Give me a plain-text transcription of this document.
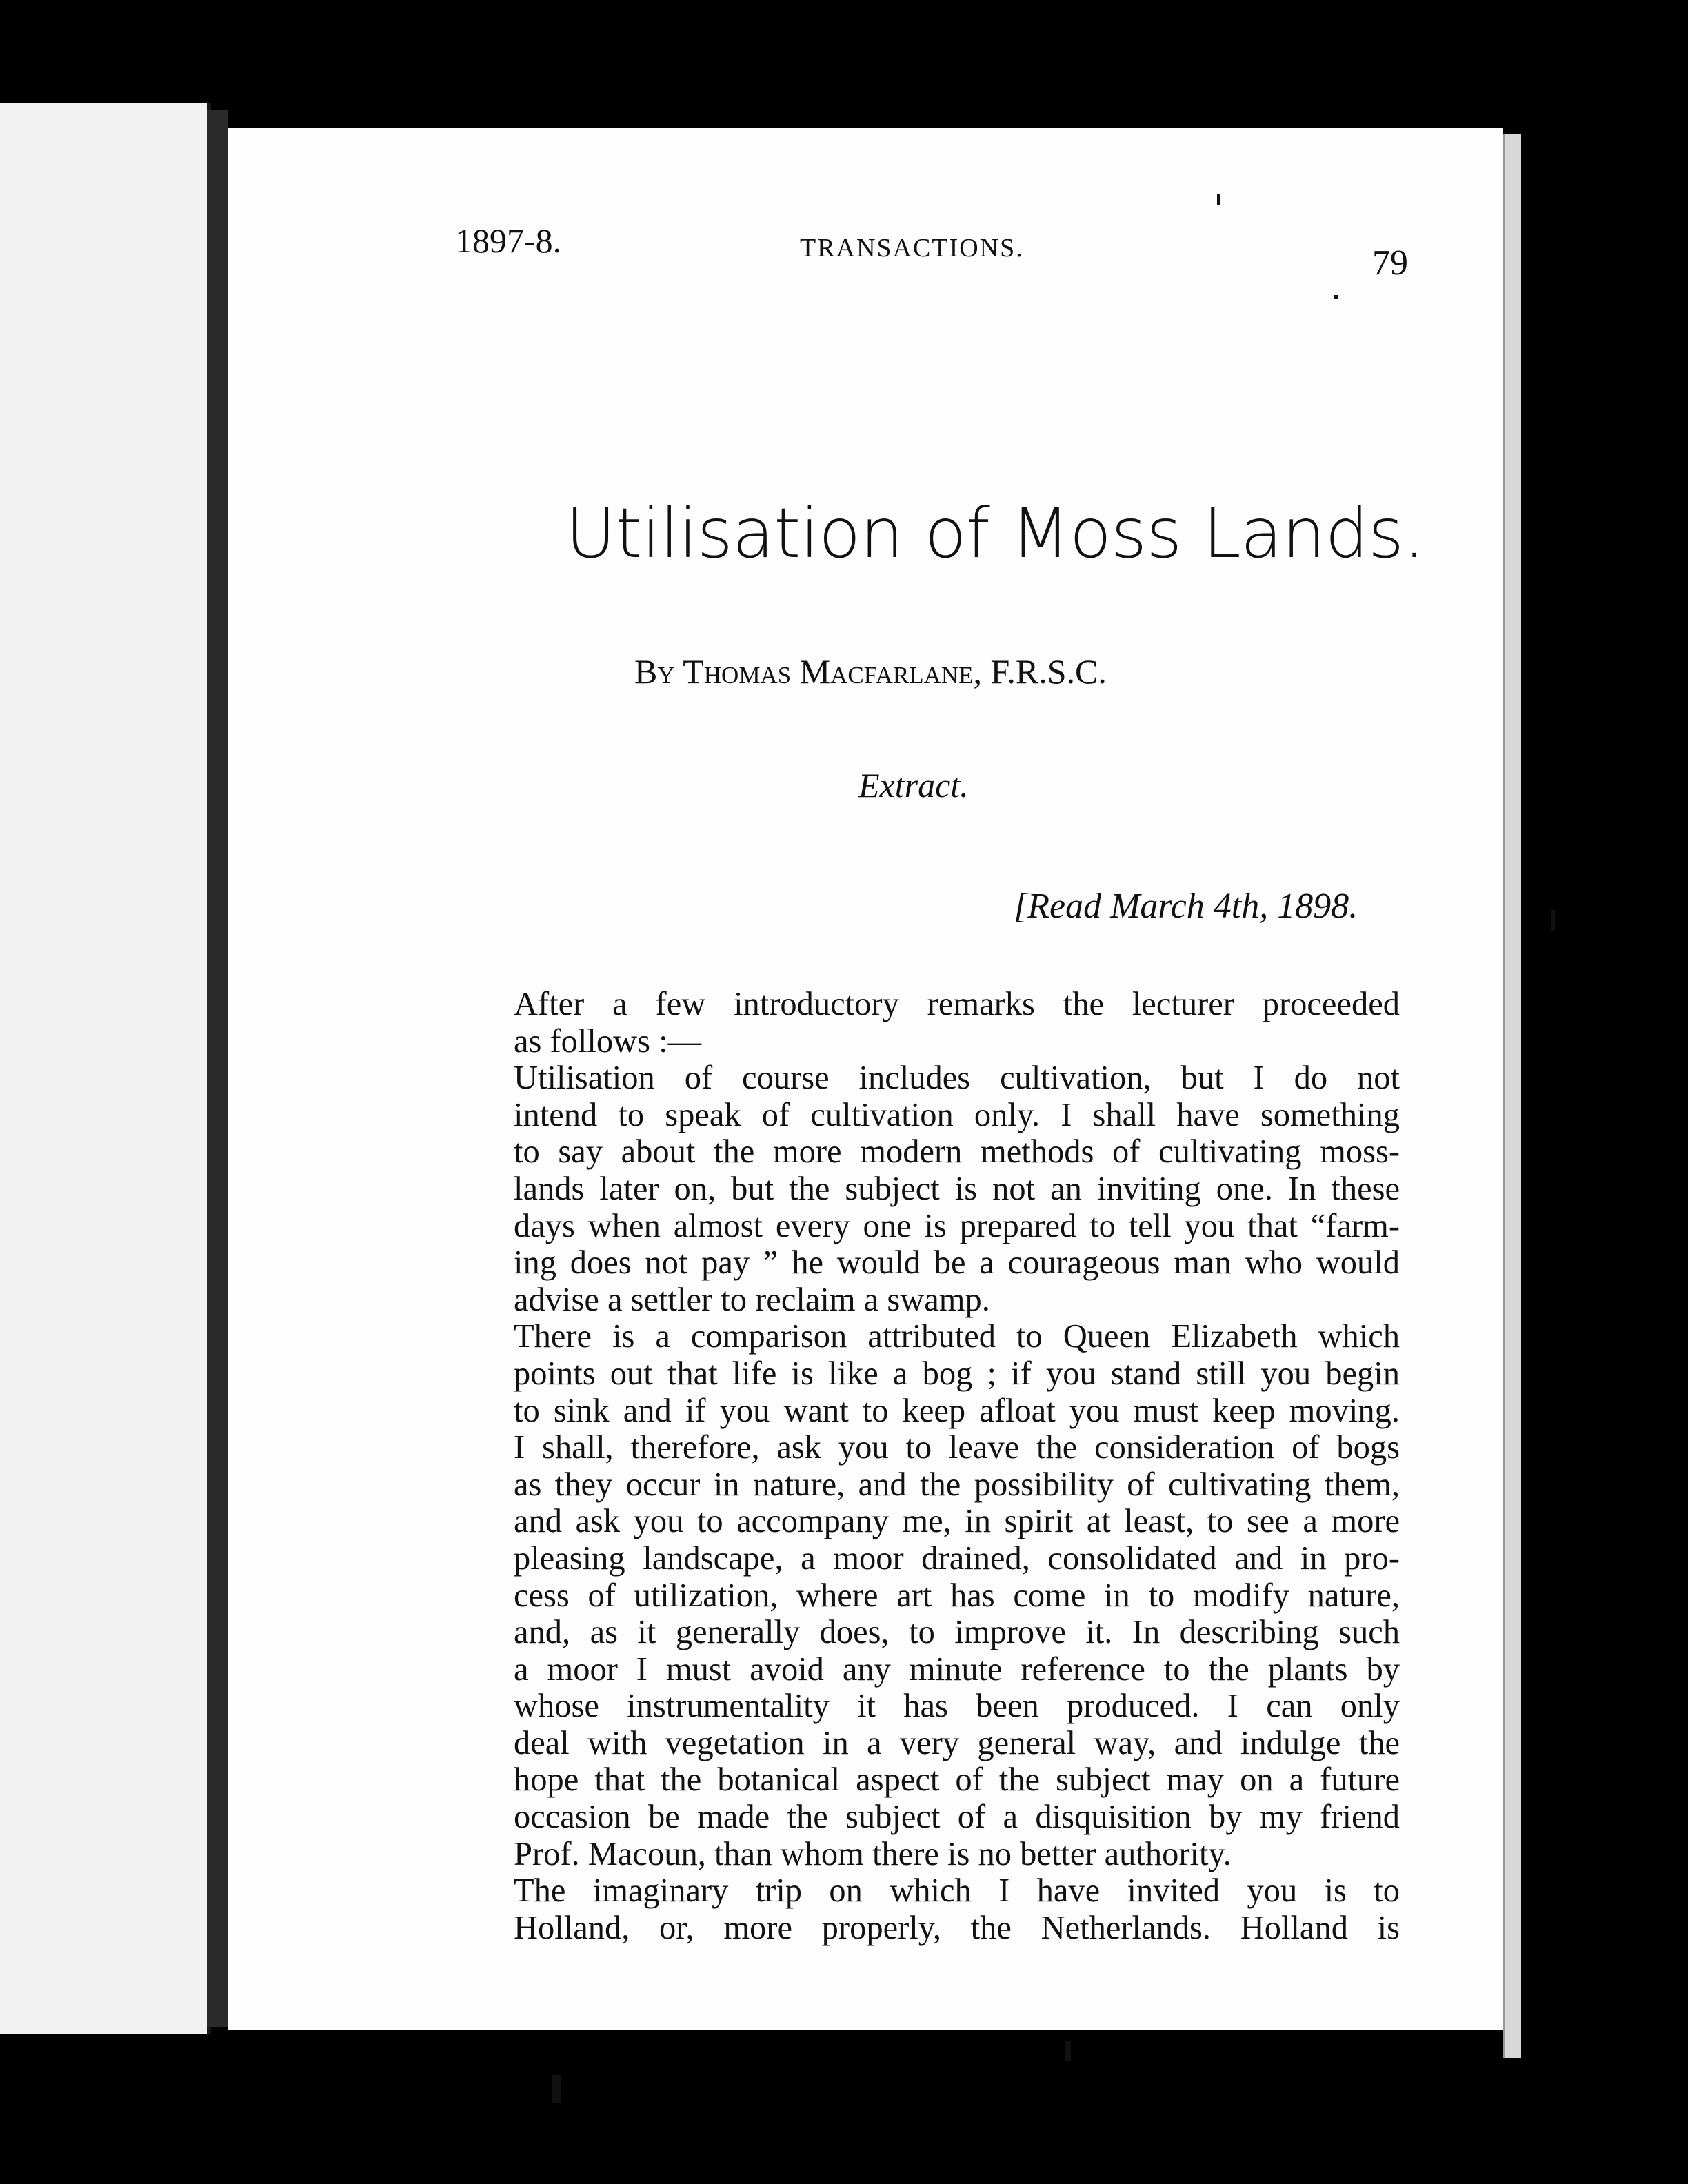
1897-8.	TRANSACTIONS.	79
Utilisation of Moss Lands.
By Thomas Macfarlane, F.R.S.C.
Extract.
[Read March 4th, 1898.

After a few introductory remarks the lecturer proceeded
as follows :—

Utilisation of course includes cultivation, but I do not
intend to speak of cultivation only. I shall have something
to say about the more modern methods of cultivating moss-
lands later on, but the subject is not an inviting one. In these
days when almost every one is prepared to tell you that “farm-
ing does not pay ” he would be a courageous man who would
advise a settler to reclaim a swamp.

There is a comparison attributed to Queen Elizabeth which
points out that life is like a bog ; if you stand still you begin
to sink and if you want to keep afloat you must keep moving.
I shall, therefore, ask you to leave the consideration of bogs
as they occur in nature, and the possibility of cultivating them,
and ask you to accompany me, in spirit at least, to see a more
pleasing landscape, a moor drained, consolidated and in pro-
cess of utilization, where art has come in to modify nature,
and, as it generally does, to improve it. In describing such
a moor I must avoid any minute reference to the plants by
whose instrumentality it has been produced. I can only
deal with vegetation in a very general way, and indulge the
hope that the botanical aspect of the subject may on a future
occasion be made the subject of a disquisition by my friend
Prof. Macoun, than whom there is no better authority.

The imaginary trip on which I have invited you is to
Holland, or, more properly, the Netherlands. Holland is
